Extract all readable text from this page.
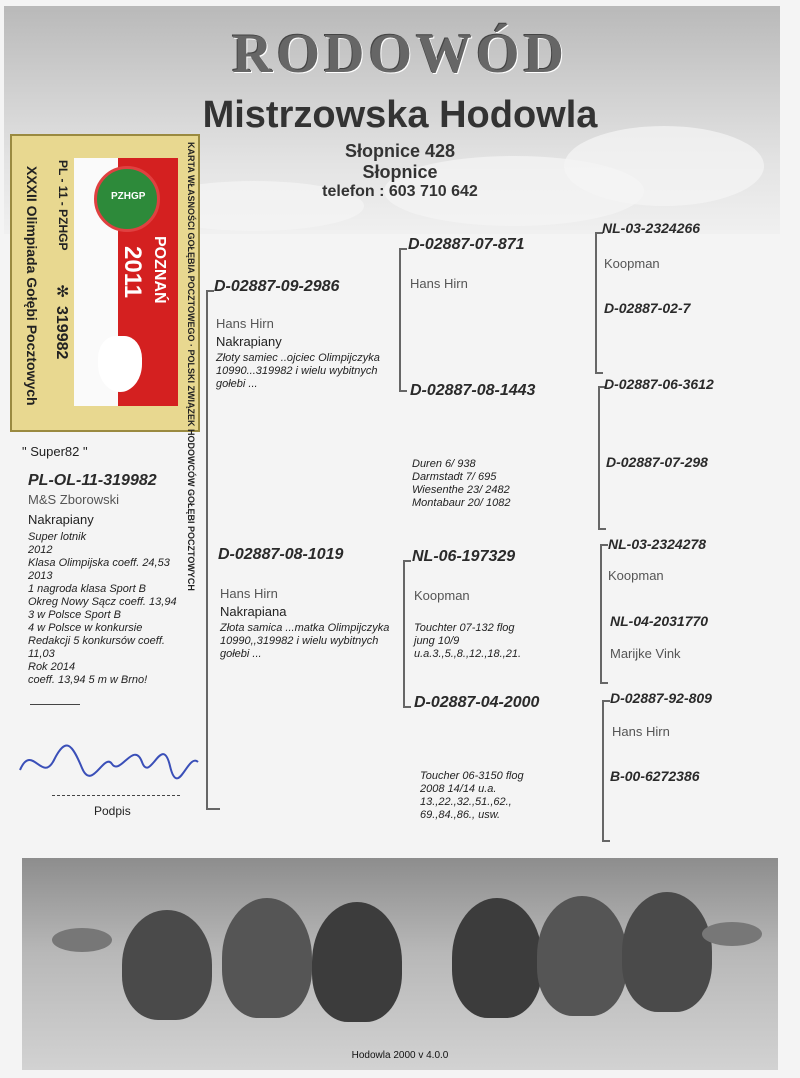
RODOWÓD
Mistrzowska Hodowla
Słopnice 428
Słopnice
telefon : 603 710 642
KARTA WŁASNOŚCI GOŁĘBIA POCZTOWEGO · POLSKI ZWIĄZEK HODOWCÓW GOŁĘBI POCZTOWYCH
XXXII Olimpiada Gołębi Pocztowych PL - 11 - PZHGP
319982
✻	POZNAŃ
2011
PZHGP
" Super82 "
PL-OL-11-319982
M&S Zborowski
Nakrapiany
Super lotnik
2012
Klasa Olimpijska coeff. 24,53
2013
1 nagroda klasa Sport B
Okreg Nowy Sącz coeff. 13,94
3 w Polsce Sport B
4 w Polsce w konkursie
Redakcji 5 konkursów coeff.
11,03
Rok 2014
coeff. 13,94 5 m w Brno!
Zborowski M.S
Podpis
D-02887-09-2986
Hans Hirn
Nakrapiany
Złoty samiec ..ojciec Olimpijczyka 10990...319982 i wielu wybitnych gołebi ...
D-02887-08-1019
Hans Hirn
Nakrapiana
Złota samica ...matka Olimpijczyka 10990,,319982 i wielu wybitnych gołebi ...
D-02887-07-871
Hans Hirn
D-02887-08-1443
Duren 6/ 938
Darmstadt 7/ 695
Wiesenthe 23/ 2482
Montabaur 20/ 1082
NL-06-197329
Koopman
Touchter 07-132 flog
jung 10/9
u.a.3.,5.,8.,12.,18.,21.
D-02887-04-2000
Toucher 06-3150 flog
2008 14/14 u.a.
13.,22.,32.,51.,62.,
69.,84.,86., usw.
NL-03-2324266
Koopman
D-02887-02-7
D-02887-06-3612
D-02887-07-298
NL-03-2324278
Koopman
NL-04-2031770
Marijke Vink
D-02887-92-809
Hans Hirn
B-00-6272386
Hodowla 2000 v 4.0.0
